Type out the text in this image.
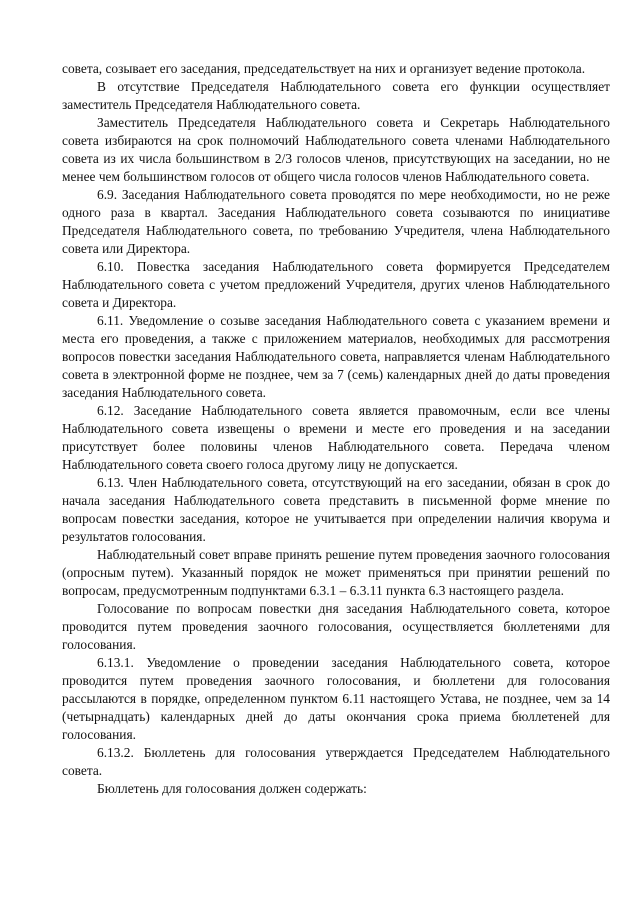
совета, созывает его заседания, председательствует на них и организует ведение протокола.

В отсутствие Председателя Наблюдательного совета его функции осуществляет заместитель Председателя Наблюдательного совета.

Заместитель Председателя Наблюдательного совета и Секретарь Наблюдательного совета избираются на срок полномочий Наблюдательного совета членами Наблюдательного совета из их числа большинством в 2/3 голосов членов, присутствующих на заседании, но не менее чем большинством голосов от общего числа голосов членов Наблюдательного совета.

6.9. Заседания Наблюдательного совета проводятся по мере необходимости, но не реже одного раза в квартал. Заседания Наблюдательного совета созываются по инициативе Председателя Наблюдательного совета, по требованию Учредителя, члена Наблюдательного совета или Директора.

6.10. Повестка заседания Наблюдательного совета формируется Председателем Наблюдательного совета с учетом предложений Учредителя, других членов Наблюдательного совета и Директора.

6.11. Уведомление о созыве заседания Наблюдательного совета с указанием времени и места его проведения, а также с приложением материалов, необходимых для рассмотрения вопросов повестки заседания Наблюдательного совета, направляется членам Наблюдательного совета в электронной форме не позднее, чем за 7 (семь) календарных дней до даты проведения заседания Наблюдательного совета.

6.12. Заседание Наблюдательного совета является правомочным, если все члены Наблюдательного совета извещены о времени и месте его проведения и на заседании присутствует более половины членов Наблюдательного совета. Передача членом Наблюдательного совета своего голоса другому лицу не допускается.

6.13. Член Наблюдательного совета, отсутствующий на его заседании, обязан в срок до начала заседания Наблюдательного совета представить в письменной форме мнение по вопросам повестки заседания, которое не учитывается при определении наличия кворума и результатов голосования.

Наблюдательный совет вправе принять решение путем проведения заочного голосования (опросным путем). Указанный порядок не может применяться при принятии решений по вопросам, предусмотренным подпунктами 6.3.1 – 6.3.11 пункта 6.3 настоящего раздела.

Голосование по вопросам повестки дня заседания Наблюдательного совета, которое проводится путем проведения заочного голосования, осуществляется бюллетенями для голосования.

6.13.1. Уведомление о проведении заседания Наблюдательного совета, которое проводится путем проведения заочного голосования, и бюллетени для голосования рассылаются в порядке, определенном пунктом 6.11 настоящего Устава, не позднее, чем за 14 (четырнадцать) календарных дней до даты окончания срока приема бюллетеней для голосования.

6.13.2. Бюллетень для голосования утверждается Председателем Наблюдательного совета.

Бюллетень для голосования должен содержать:
